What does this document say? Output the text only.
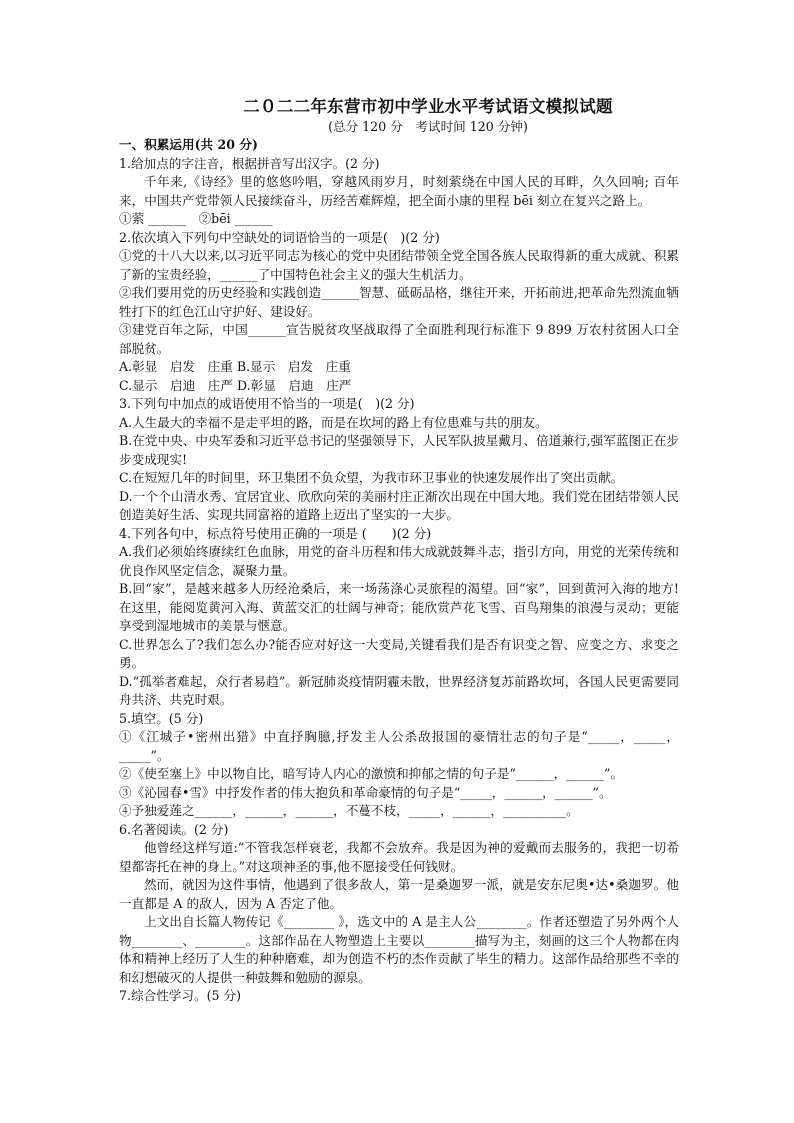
二０二二年东营市初中学业水平考试语文模拟试题
(总分 120 分　考试时间 120 分钟)

一、积累运用(共 20 分)

1.给加点的字注音，根据拼音写出汉字。(2 分)

千年来,《诗经》里的悠悠吟唱，穿越风雨岁月，时刻萦绕在中国人民的耳畔，久久回响; 百年来，中国共产党带领人民接续奋斗，历经苦难辉煌，把全面小康的里程 bēi 刻立在复兴之路上。

①萦 ______　②bēi ______

2.依次填入下列句中空缺处的词语恰当的一项是(　)(2 分)

①党的十八大以来,以习近平同志为核心的党中央团结带领全党全国各族人民取得新的重大成就、积累了新的宝贵经验，______了中国特色社会主义的强大生机活力。

②我们要用党的历史经验和实践创造______智慧、砥砺品格，继往开来，开拓前进,把革命先烈流血牺牲打下的红色江山守护好、建设好。

③建党百年之际，中国______宣告脱贫攻坚战取得了全面胜利现行标准下 9 899 万农村贫困人口全部脱贫。

A.彰显　启发　庄重 B.显示　启发　庄重

C.显示　启迪　庄严 D.彰显　启迪　庄严

3.下列句中加点的成语使用不恰当的一项是(　)(2 分)

A.人生最大的幸福不是走平坦的路，而是在坎坷的路上有位患难与共的朋友。

B.在党中央、中央军委和习近平总书记的坚强领导下，人民军队披星戴月、倍道兼行,强军蓝图正在步步变成现实!

C.在短短几年的时间里，环卫集团不负众望，为我市环卫事业的快速发展作出了突出贡献。

D.一个个山清水秀、宜居宜业、欣欣向荣的美丽村庄正渐次出现在中国大地。我们党在团结带领人民创造美好生活、实现共同富裕的道路上迈出了坚实的一大步。

4.下列各句中，标点符号使用正确的一项是 (　　)(2 分)

A.我们必须始终赓续红色血脉，用党的奋斗历程和伟大成就鼓舞斗志，指引方向，用党的光荣传统和优良作风坚定信念，凝聚力量。

B.回“家”，是越来越多人历经沧桑后，来一场荡涤心灵旅程的渴望。回“家”，回到黄河入海的地方!在这里，能阅览黄河入海、黄蓝交汇的壮阔与神奇；能欣赏芦花飞雪、百鸟翔集的浪漫与灵动；更能享受到湿地城市的美景与惬意。

C.世界怎么了?我们怎么办?能否应对好这一大变局,关键看我们是否有识变之智、应变之方、求变之勇。

D.“孤举者难起，众行者易趋”。新冠肺炎疫情阴霾未散，世界经济复苏前路坎坷，各国人民更需要同舟共济、共克时艰。

5.填空。(5 分)

①《江城子•密州出猎》中直抒胸臆,抒发主人公杀敌报国的豪情壮志的句子是“_____，_____，_____”。

②《使至塞上》中以物自比，暗写诗人内心的激愤和抑郁之情的句子是“______，______”。

③《沁园春•雪》中抒发作者的伟大抱负和革命豪情的句子是“_____，______，______”。

④予独爱莲之______，______，______，不蔓不枝，_____，______，__________。

6.名著阅读。(2 分)

他曾经这样写道:“不管我怎样衰老，我都不会放弃。我是因为神的爱戴而去服务的，我把一切希望都寄托在神的身上。”对这项神圣的事,他不愿接受任何钱财。

然而，就因为这件事情，他遇到了很多敌人，第一是桑迦罗一派，就是安东尼奥•达•桑迦罗。他一直都是 A 的敌人，因为 A 否定了他。

上文出自长篇人物传记《________ 》，选文中的 A 是主人公________。作者还塑造了另外两个人物________、________。这部作品在人物塑造上主要以________描写为主，刻画的这三个人物都在肉体和精神上经历了人生的种种磨难，却为创造不朽的杰作贡献了毕生的精力。这部作品给那些不幸的和幻想破灭的人提供一种鼓舞和勉励的源泉。

7.综合性学习。(5 分)
